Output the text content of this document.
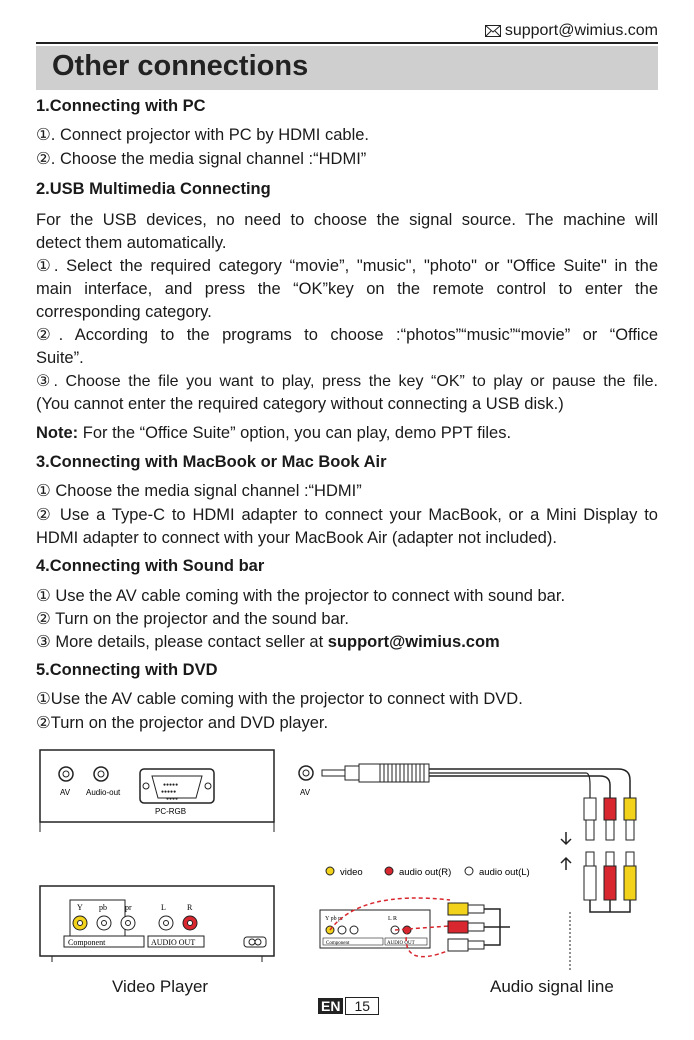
support@wimius.com
Other connections
1.Connecting with PC
①. Connect projector with PC by HDMI cable.
②. Choose the media signal channel :“HDMI”
2.USB Multimedia Connecting
For the USB devices, no need to choose the signal source. The machine will
detect them automatically.
①. Select the required category “movie”, "music", "photo" or "Office Suite" in the
main interface, and press the “OK”key on the remote control to enter the
corresponding category.
②. According to the programs to choose :“photos”“music”“movie” or “Office
Suite”.
③. Choose the file you want to play, press the key “OK” to play or pause the file.
(You cannot enter the required category without connecting a USB disk.)
Note: For the “Office Suite” option, you can play, demo PPT files.
3.Connecting with MacBook or Mac Book Air
① Choose the media signal channel :“HDMI”
② Use a Type-C to HDMI adapter to connect your MacBook, or a Mini Display to
HDMI adapter to connect with your MacBook Air (adapter not included).
4.Connecting with Sound bar
① Use the AV cable coming with the projector to connect with sound bar.
② Turn on the projector and the sound bar.
③ More details, please contact seller at support@wimius.com
5.Connecting with DVD
①Use the AV cable coming with the projector to connect with DVD.
②Turn on the projector and DVD player.
AV Audio-out
●●●●●
●●●●●
●●●●
PC-RGB
AV
video	audio out(R)	audio out(L)
Y pb pr	L R
Component	AUDIO OUT
Y pb pr	L	R
Component	AUDIO OUT
Video Player	Audio signal line
EN	15
